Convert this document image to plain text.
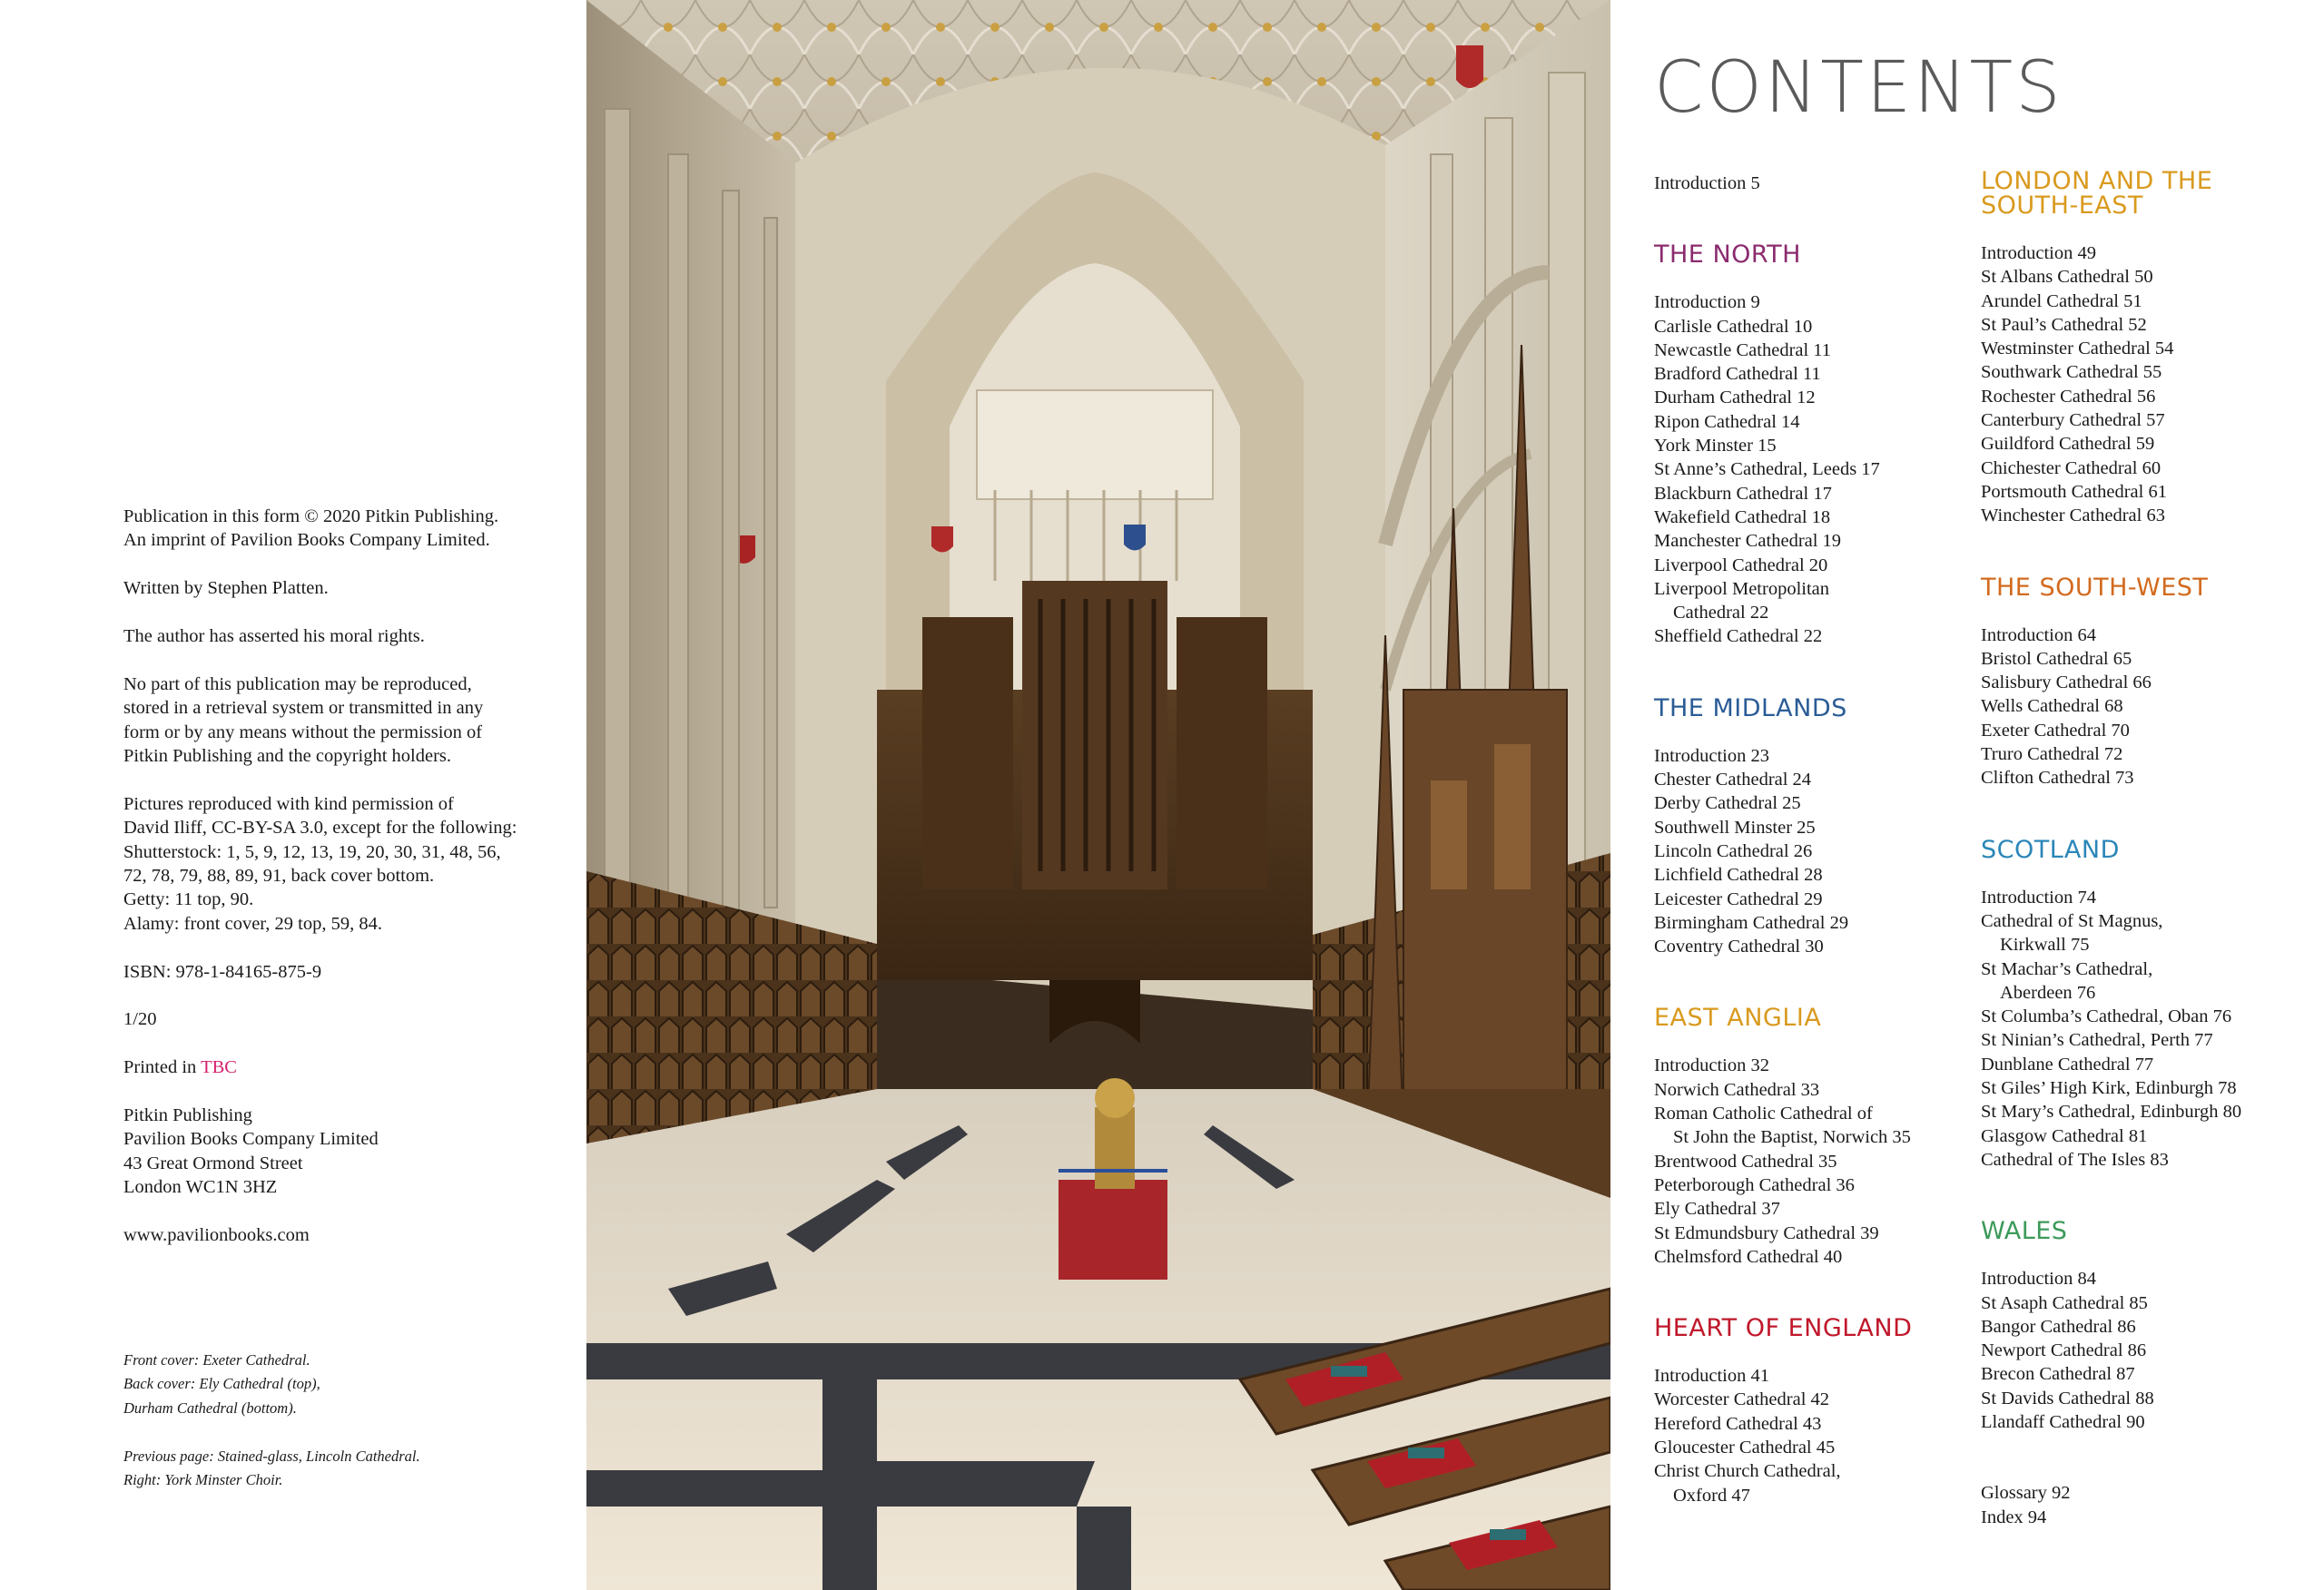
Publication in this form © 2020 Pitkin Publishing.
An imprint of Pavilion Books Company Limited.
Written by Stephen Platten.
The author has asserted his moral rights.
No part of this publication may be reproduced,
stored in a retrieval system or transmitted in any
form or by any means without the permission of
Pitkin Publishing and the copyright holders.
Pictures reproduced with kind permission of
David Iliff, CC-BY-SA 3.0, except for the following:
Shutterstock: 1, 5, 9, 12, 13, 19, 20, 30, 31, 48, 56,
72, 78, 79, 88, 89, 91, back cover bottom.
Getty: 11 top, 90.
Alamy: front cover, 29 top, 59, 84.
ISBN: 978-1-84165-875-9
1/20
Printed in TBC
Pitkin Publishing
Pavilion Books Company Limited
43 Great Ormond Street
London WC1N 3HZ
www.pavilionbooks.com
Front cover: Exeter Cathedral.
Back cover: Ely Cathedral (top),
Durham Cathedral (bottom).
Previous page: Stained-glass, Lincoln Cathedral.
Right: York Minster Choir.
CONTENTS
Introduction 5
THE NORTH
Introduction 9
Carlisle Cathedral 10
Newcastle Cathedral 11
Bradford Cathedral 11
Durham Cathedral 12
Ripon Cathedral 14
York Minster 15
St Anne’s Cathedral, Leeds 17
Blackburn Cathedral 17
Wakefield Cathedral 18
Manchester Cathedral 19
Liverpool Cathedral 20
Liverpool Metropolitan
Cathedral 22
Sheffield Cathedral 22
THE MIDLANDS
Introduction 23
Chester Cathedral 24
Derby Cathedral 25
Southwell Minster 25
Lincoln Cathedral 26
Lichfield Cathedral 28
Leicester Cathedral 29
Birmingham Cathedral 29
Coventry Cathedral 30
EAST ANGLIA
Introduction 32
Norwich Cathedral 33
Roman Catholic Cathedral of
St John the Baptist, Norwich 35
Brentwood Cathedral 35
Peterborough Cathedral 36
Ely Cathedral 37
St Edmundsbury Cathedral 39
Chelmsford Cathedral 40
HEART OF ENGLAND
Introduction 41
Worcester Cathedral 42
Hereford Cathedral 43
Gloucester Cathedral 45
Christ Church Cathedral,
Oxford 47
LONDON AND THE
SOUTH-EAST
Introduction 49
St Albans Cathedral 50
Arundel Cathedral 51
St Paul’s Cathedral 52
Westminster Cathedral 54
Southwark Cathedral 55
Rochester Cathedral 56
Canterbury Cathedral 57
Guildford Cathedral 59
Chichester Cathedral 60
Portsmouth Cathedral 61
Winchester Cathedral 63
THE SOUTH-WEST
Introduction 64
Bristol Cathedral 65
Salisbury Cathedral 66
Wells Cathedral 68
Exeter Cathedral 70
Truro Cathedral 72
Clifton Cathedral 73
SCOTLAND
Introduction 74
Cathedral of St Magnus,
Kirkwall 75
St Machar’s Cathedral,
Aberdeen 76
St Columba’s Cathedral, Oban 76
St Ninian’s Cathedral, Perth 77
Dunblane Cathedral 77
St Giles’ High Kirk, Edinburgh 78
St Mary’s Cathedral, Edinburgh 80
Glasgow Cathedral 81
Cathedral of The Isles 83
WALES
Introduction 84
St Asaph Cathedral 85
Bangor Cathedral 86
Newport Cathedral 86
Brecon Cathedral 87
St Davids Cathedral 88
Llandaff Cathedral 90
Glossary 92
Index 94
